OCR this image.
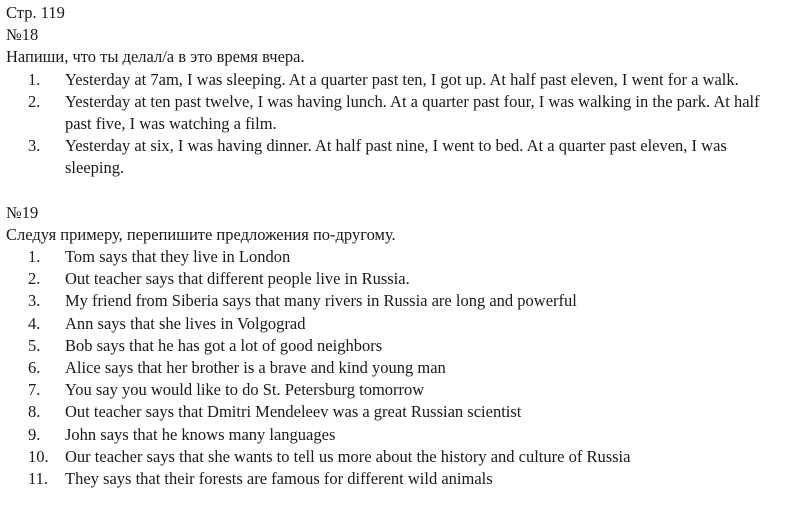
Стр. 119
№18
Напиши, что ты делал/а в это время вчера.
1.	Yesterday at 7am, I was sleeping. At a quarter past ten, I got up. At half past eleven, I went for a walk.
2.	Yesterday at ten past twelve, I was having lunch. At a quarter past four, I was walking in the park. At half past five, I was watching a film.
3.	Yesterday at six, I was having dinner. At half past nine, I went to bed. At a quarter past eleven, I was sleeping.
№19
Следуя примеру, перепишите предложения по-другому.
1.	Tom says that they live in London
2.	Out teacher says that different people live in Russia.
3.	My friend from Siberia says that many rivers in Russia are long and powerful
4.	Ann says that she lives in Volgograd
5.	Bob says that he has got a lot of good neighbors
6.	Alice says that her brother is a brave and kind young man
7.	You say you would like to do St. Petersburg tomorrow
8.	Out teacher says that Dmitri Mendeleev was a great Russian scientist
9.	John says that he knows many languages
10. Our teacher says that she wants to tell us more about the history and culture of Russia
11.	They says that their forests are famous for different wild animals
